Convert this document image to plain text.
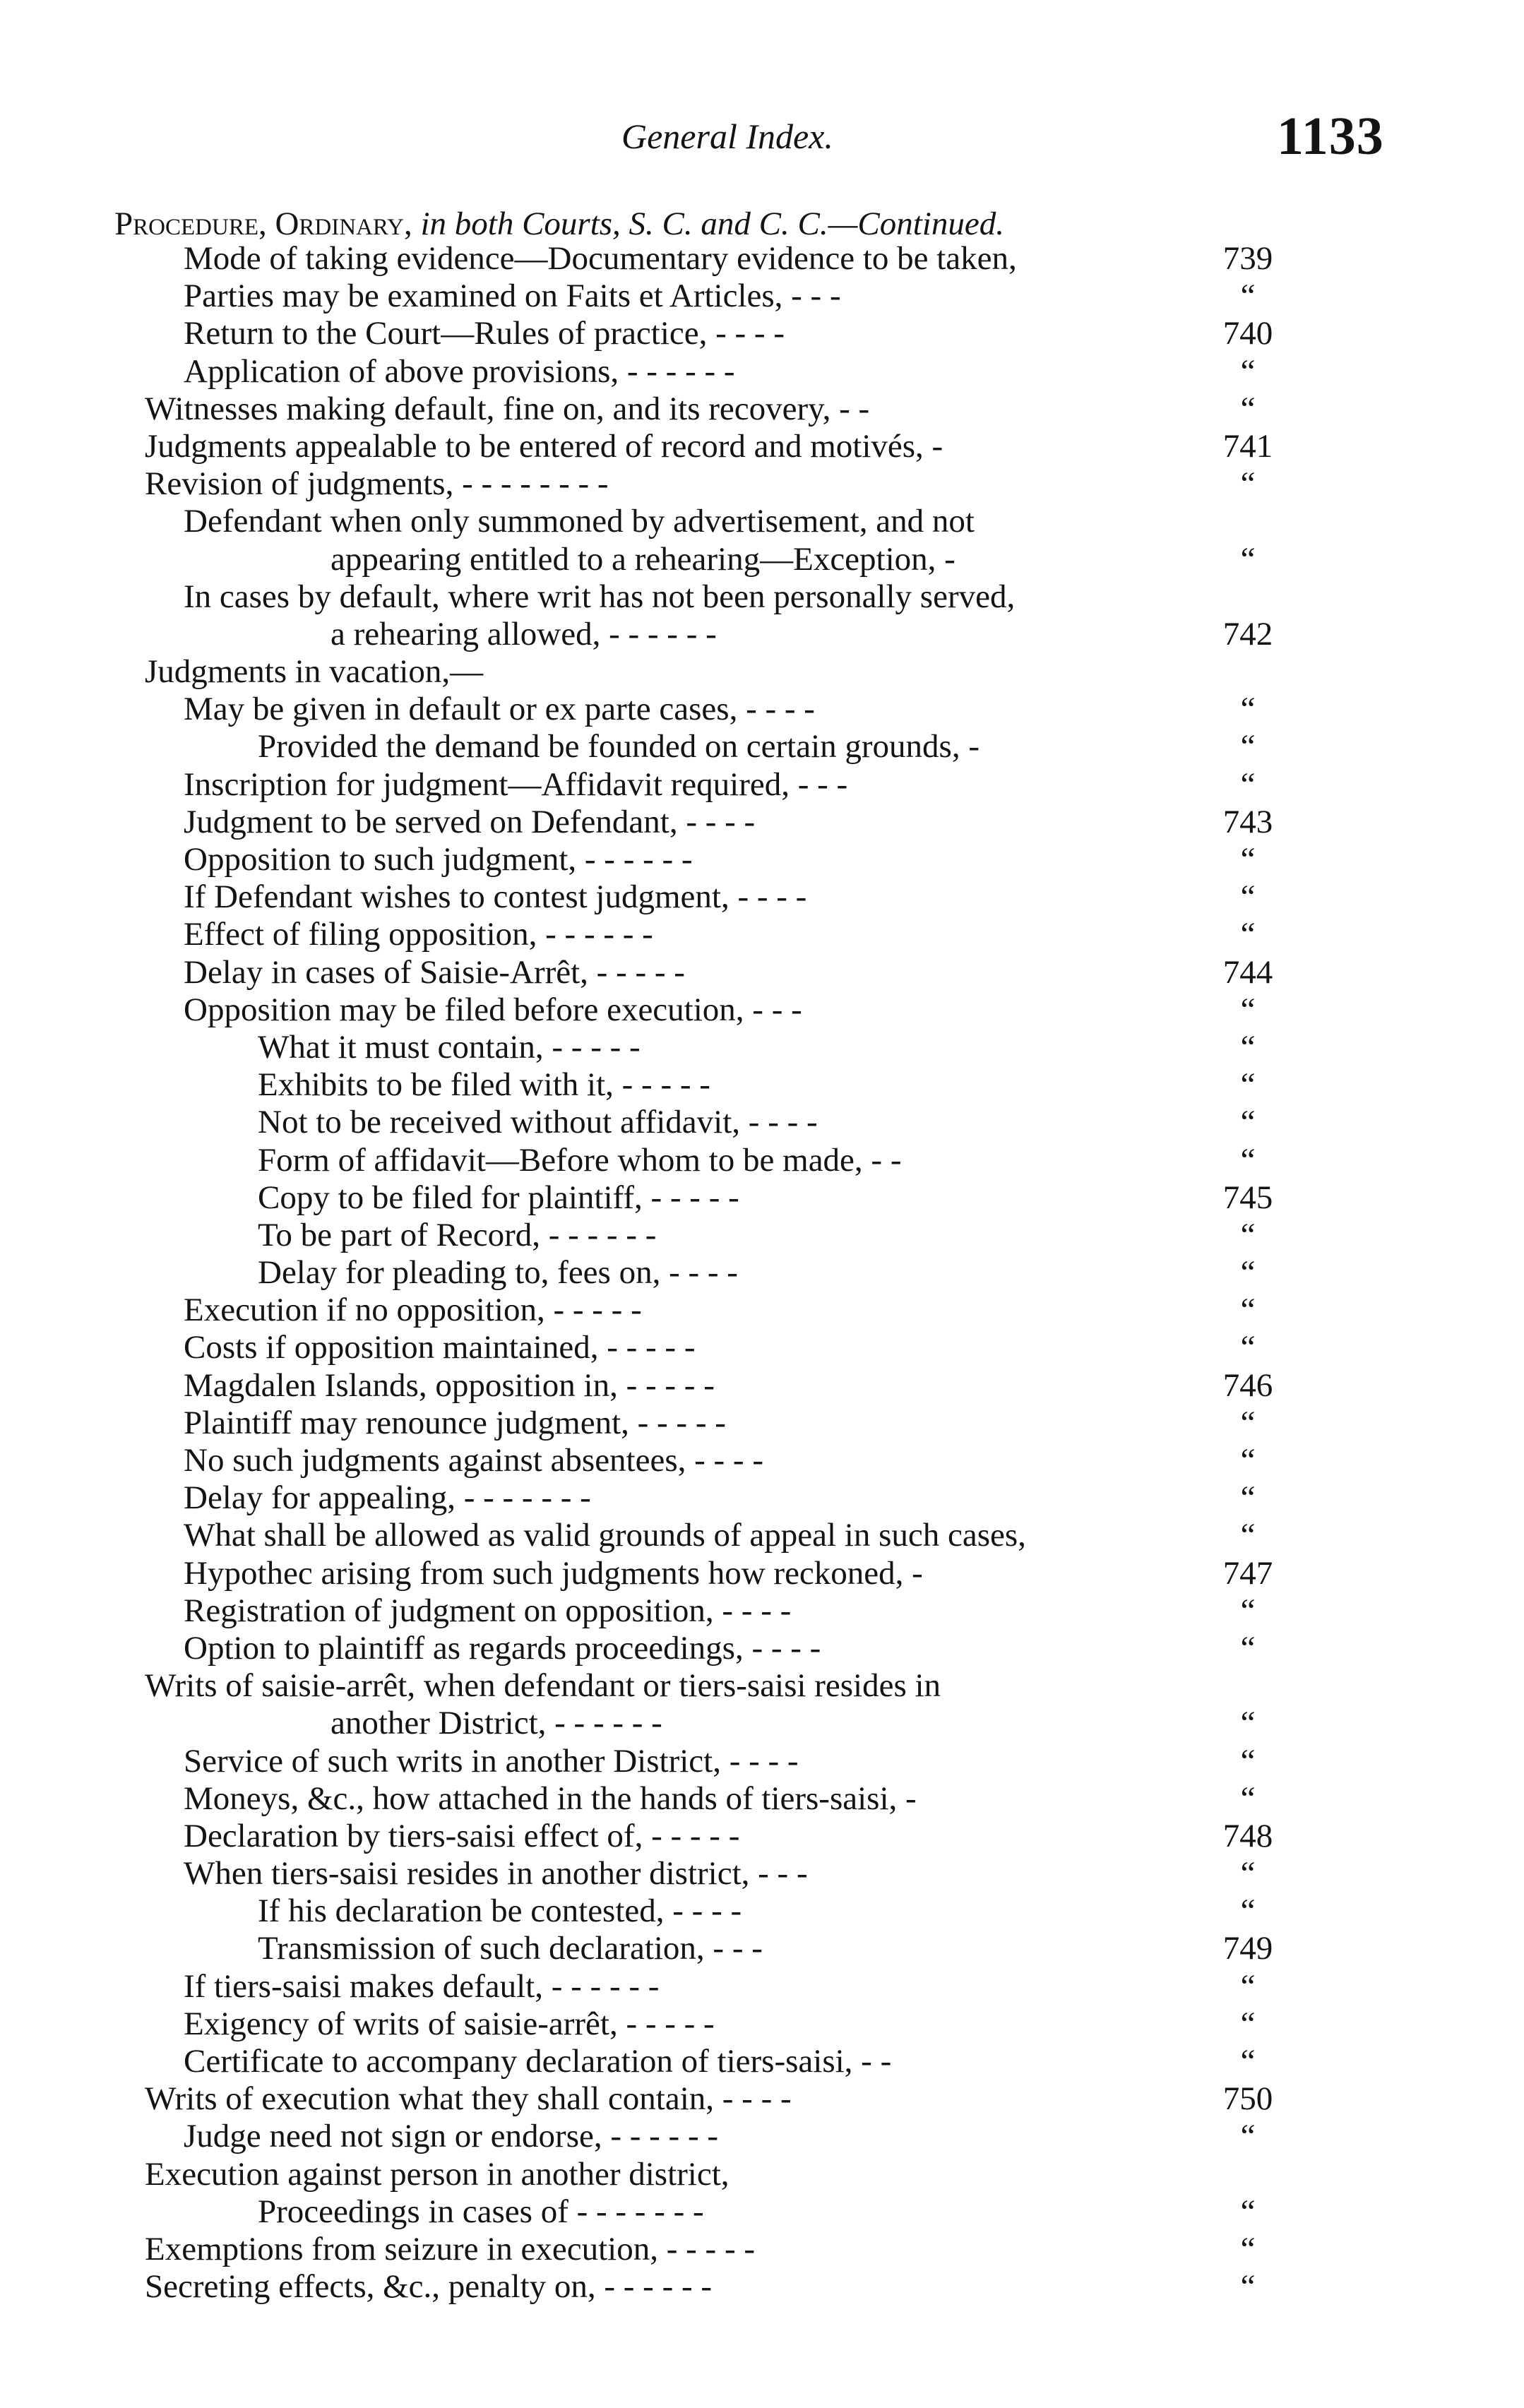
General Index.	1133
Procedure, Ordinary, in both Courts, S. C. and C. C.—Continued.
Mode of taking evidence—Documentary evidence to be taken,	739
Parties may be examined on Faits et Articles, - - -	“
Return to the Court—Rules of practice, - - - -	740
Application of above provisions, - - - - - -	“
Witnesses making default, fine on, and its recovery, - -	“
Judgments appealable to be entered of record and motivés, -	741
Revision of judgments, - - - - - - - -	“
Defendant when only summoned by advertisement, and not
appearing entitled to a rehearing—Exception, -	“
In cases by default, where writ has not been personally served,
a rehearing allowed, - - - - - -	742
Judgments in vacation,—
May be given in default or ex parte cases, - - - -	“
Provided the demand be founded on certain grounds, -	“
Inscription for judgment—Affidavit required, - - -	“
Judgment to be served on Defendant, - - - -	743
Opposition to such judgment, - - - - - -	“
If Defendant wishes to contest judgment, - - - -	“
Effect of filing opposition, - - - - - -	“
Delay in cases of Saisie-Arrêt, - - - - -	744
Opposition may be filed before execution, - - -	“
What it must contain, - - - - -	“
Exhibits to be filed with it, - - - - -	“
Not to be received without affidavit, - - - -	“
Form of affidavit—Before whom to be made, - -	“
Copy to be filed for plaintiff, - - - - -	745
To be part of Record, - - - - - -	“
Delay for pleading to, fees on, - - - -	“
Execution if no opposition, - - - - -	“
Costs if opposition maintained, - - - - -	“
Magdalen Islands, opposition in, - - - - -	746
Plaintiff may renounce judgment, - - - - -	“
No such judgments against absentees, - - - -	“
Delay for appealing, - - - - - - -	“
What shall be allowed as valid grounds of appeal in such cases,	“
Hypothec arising from such judgments how reckoned, -	747
Registration of judgment on opposition, - - - -	“
Option to plaintiff as regards proceedings, - - - -	“
Writs of saisie-arrêt, when defendant or tiers-saisi resides in
another District, - - - - - -	“
Service of such writs in another District, - - - -	“
Moneys, &c., how attached in the hands of tiers-saisi, -	“
Declaration by tiers-saisi effect of, - - - - -	748
When tiers-saisi resides in another district, - - -	“
If his declaration be contested, - - - -	“
Transmission of such declaration, - - -	749
If tiers-saisi makes default, - - - - - -	“
Exigency of writs of saisie-arrêt, - - - - -	“
Certificate to accompany declaration of tiers-saisi, - -	“
Writs of execution what they shall contain, - - - -	750
Judge need not sign or endorse, - - - - - -	“
Execution against person in another district,
Proceedings in cases of - - - - - - -	“
Exemptions from seizure in execution, - - - - -	“
Secreting effects, &c., penalty on, - - - - - -	“
